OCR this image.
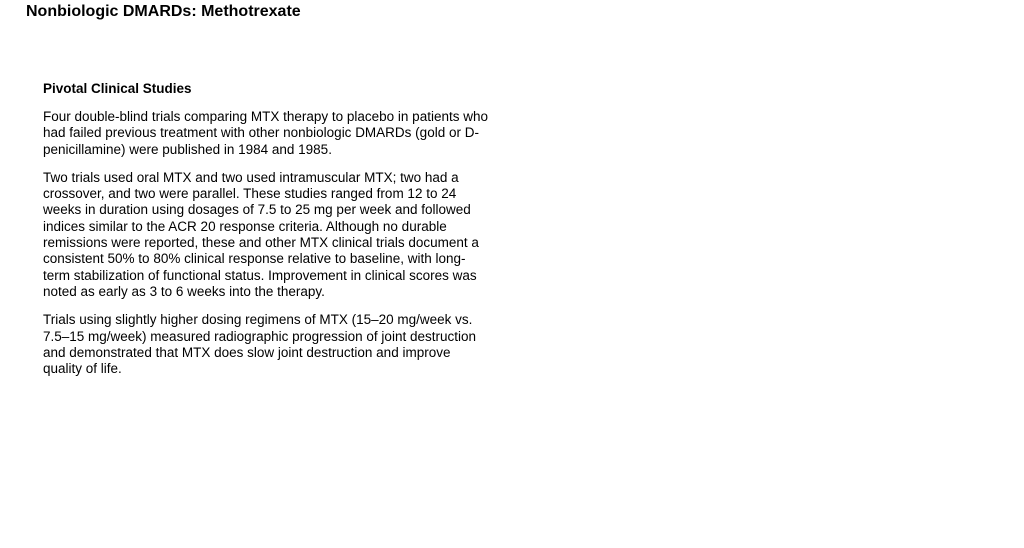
Nonbiologic DMARDs: Methotrexate
Pivotal Clinical Studies

Four double-blind trials comparing MTX therapy to placebo in patients who had failed previous treatment with other nonbiologic DMARDs (gold or D-penicillamine) were published in 1984 and 1985.

Two trials used oral MTX and two used intramuscular MTX; two had a crossover, and two were parallel. These studies ranged from 12 to 24 weeks in duration using dosages of 7.5 to 25 mg per week and followed indices similar to the ACR 20 response criteria. Although no durable remissions were reported, these and other MTX clinical trials document a consistent 50% to 80% clinical response relative to baseline, with long-term stabilization of functional status. Improvement in clinical scores was noted as early as 3 to 6 weeks into the therapy.

Trials using slightly higher dosing regimens of MTX (15–20 mg/week vs. 7.5–15 mg/week) measured radiographic progression of joint destruction and demonstrated that MTX does slow joint destruction and improve quality of life.
